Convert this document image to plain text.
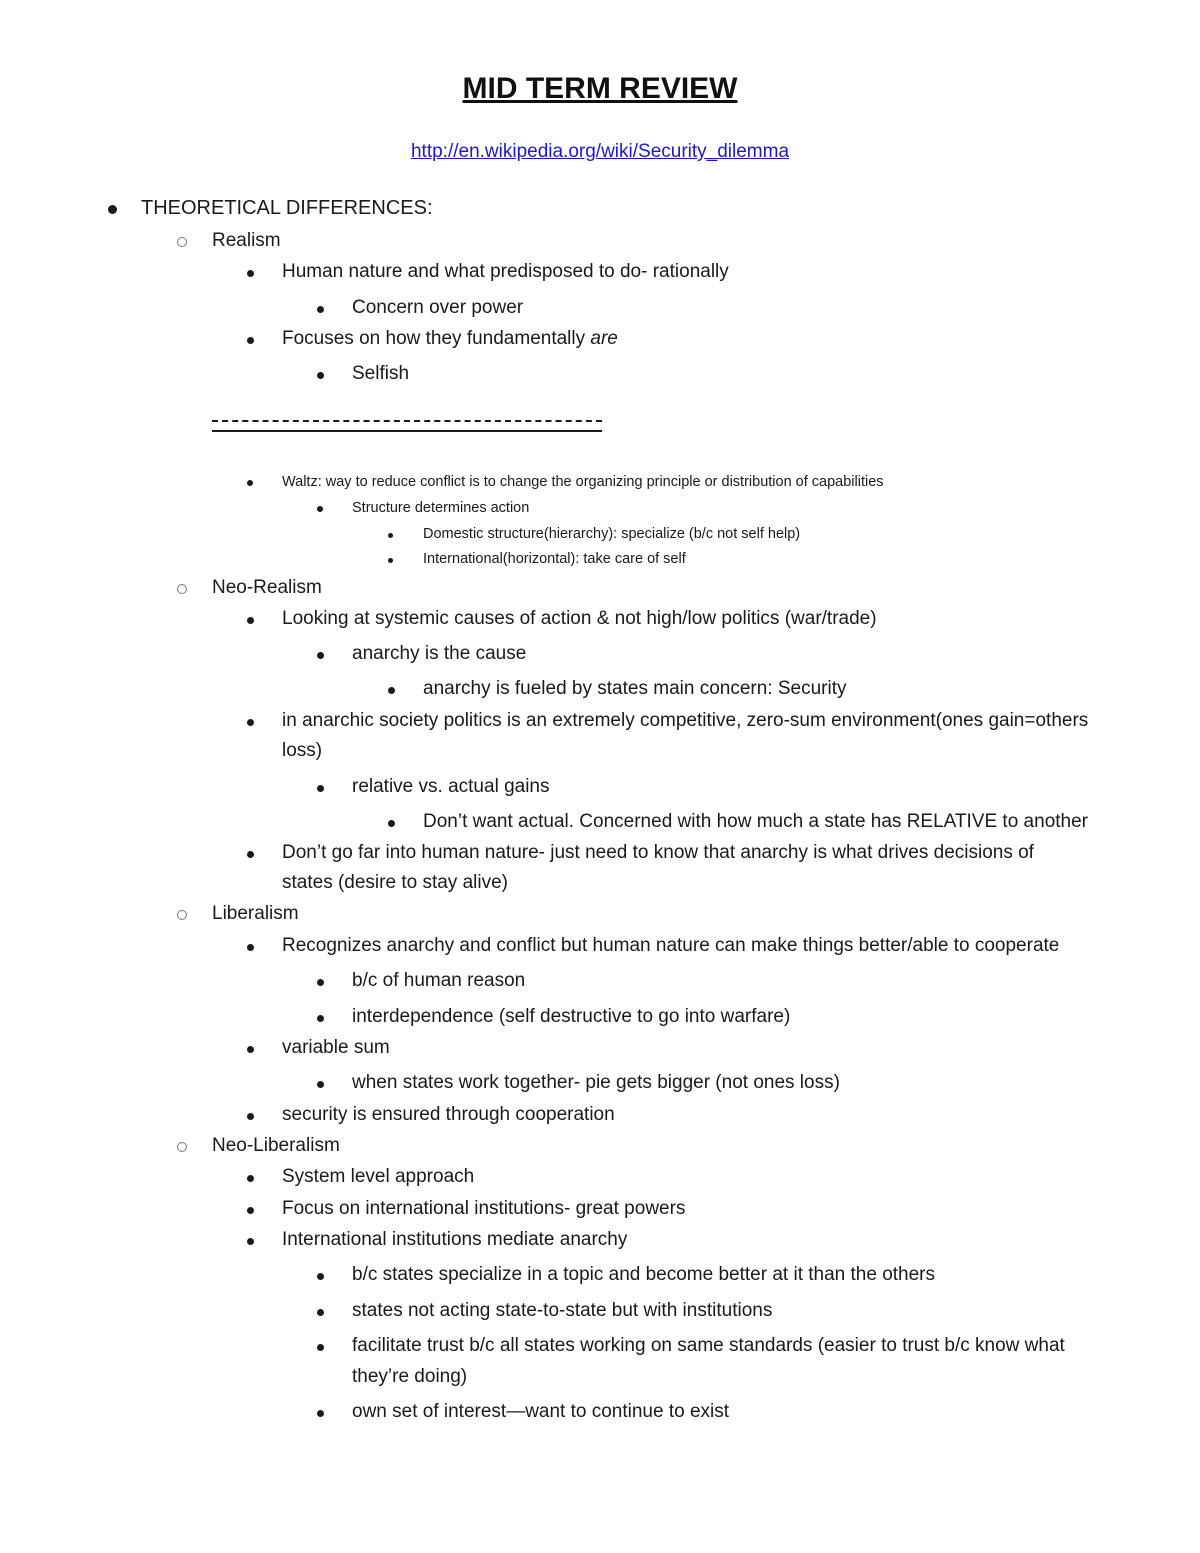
MID TERM REVIEW
http://en.wikipedia.org/wiki/Security_dilemma
THEORETICAL DIFFERENCES:
Realism
Human nature and what predisposed to do- rationally
Concern over power
Focuses on how they fundamentally are
Selfish
Waltz: way to reduce conflict is to change the organizing principle or distribution of capabilities
Structure determines action
Domestic structure(hierarchy): specialize (b/c not self help)
International(horizontal): take care of self
Neo-Realism
Looking at systemic causes of action & not high/low politics (war/trade)
anarchy is the cause
anarchy is fueled by states main concern: Security
in anarchic society politics is an extremely competitive, zero-sum environment(ones gain=others
loss)
relative vs. actual gains
Don’t want actual. Concerned with how much a state has RELATIVE to another
Don’t go far into human nature- just need to know that anarchy is what drives decisions of
states (desire to stay alive)
Liberalism
Recognizes anarchy and conflict but human nature can make things better/able to cooperate
b/c of human reason
interdependence (self destructive to go into warfare)
variable sum
when states work together- pie gets bigger (not ones loss)
security is ensured through cooperation
Neo-Liberalism
System level approach
Focus on international institutions- great powers
International institutions mediate anarchy
b/c states specialize in a topic and become better at it than the others
states not acting state-to-state but with institutions
facilitate trust b/c all states working on same standards (easier to trust b/c know what
they’re doing)
own set of interest—want to continue to exist
